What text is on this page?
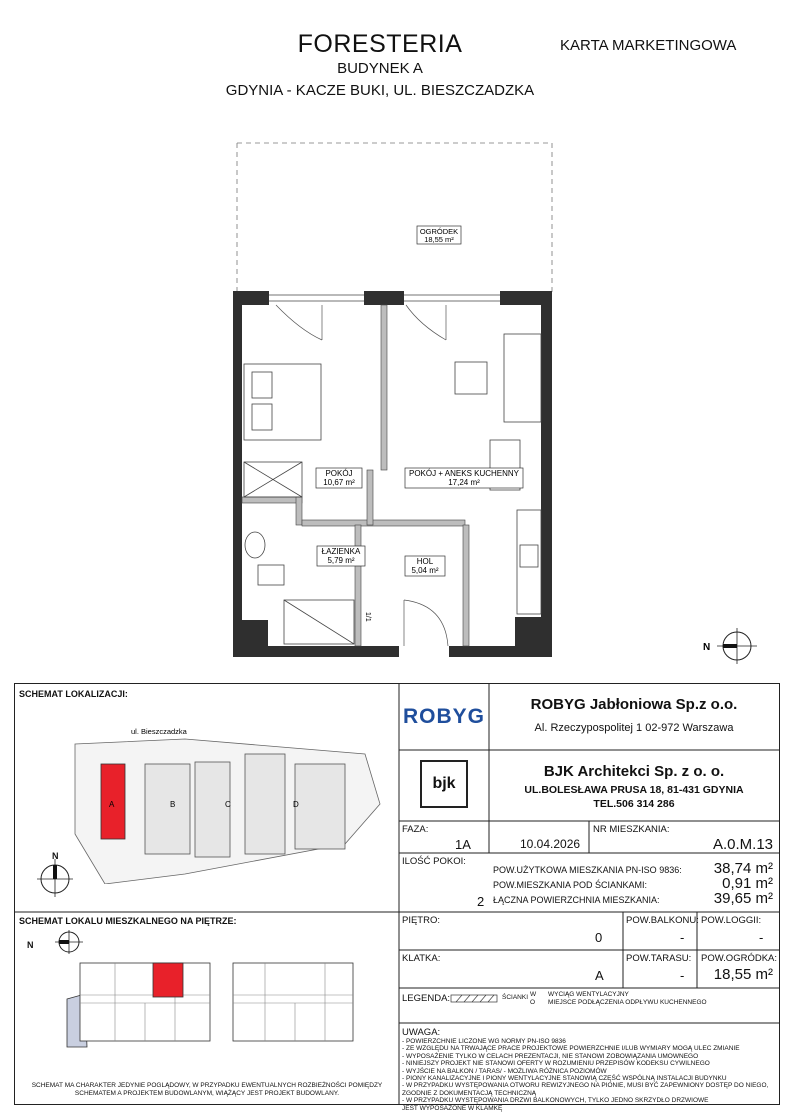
FORESTERIA
BUDYNEK A
GDYNIA - KACZE BUKI, UL. BIESZCZADZKA
KARTA MARKETINGOWA
OGRÓDEK
18,55 m²
POKÓJ
10,67 m²
POKÓJ + ANEKS KUCHENNY
17,24 m²
ŁAZIENKA
5,79 m²	HOL
5,04 m²
1/1
N
SCHEMAT LOKALIZACJI:
ul. Bieszczadzka
A	B	C	D
N
SCHEMAT LOKALU MIESZKALNEGO NA PIĘTRZE:
N
SCHEMAT MA CHARAKTER JEDYNIE POGLĄDOWY, W PRZYPADKU EWENTUALNYCH ROZBIEŻNOŚCI POMIĘDZY
SCHEMATEM A PROJEKTEM BUDOWLANYM, WIĄŻĄCY JEST PROJEKT BUDOWLANY.
ROBYG
ROBYG Jabłoniowa Sp.z o.o.
Al. Rzeczypospolitej 1 02-972 Warszawa
bjk
BJK Architekci Sp. z o. o.
UL.BOLESŁAWA PRUSA 18, 81-431 GDYNIA
TEL.506 314 286
FAZA:
1A	10.04.2026
NR MIESZKANIA:
A.0.M.13
ILOŚĆ POKOI:
2
POW.UŻYTKOWA MIESZKANIA PN-ISO 9836:	38,74 m²
POW.MIESZKANIA POD ŚCIANKAMI:	0,91 m²
ŁĄCZNA POWIERZCHNIA MIESZKANIA:	39,65 m²
PIĘTRO:
0
POW.BALKONU:
-
POW.LOGGII:
-
KLATKA:
A
POW.TARASU:
-
POW.OGRÓDKA:
18,55 m²
LEGENDA:	ŚCIANKI W
O
WYCIĄG WENTYLACYJNY
MIEJSCE PODŁĄCZENIA ODPŁYWU KUCHENNEGO
UWAGA:
- POWIERZCHNIE LICZONE WG NORMY PN-ISO 9836
- ZE WZGLĘDU NA TRWAJĄCE PRACE PROJEKTOWE POWIERZCHNIE I/LUB WYMIARY MOGĄ ULEC ZMIANIE
- WYPOSAŻENIE TYLKO W CELACH PREZENTACJI, NIE STANOWI ZOBOWIĄZANIA UMOWNEGO
- NINIEJSZY PROJEKT NIE STANOWI OFERTY W ROZUMIENIU PRZEPISÓW KODEKSU CYWILNEGO
- WYJŚCIE NA BALKON / TARAS/ - MOŻLIWA RÓŻNICA POZIOMÓW
- PIONY KANALIZACYJNE I PIONY WENTYLACYJNE STANOWIĄ CZĘŚĆ WSPÓLNĄ INSTALACJI BUDYNKU
- W PRZYPADKU WYSTĘPOWANIA OTWORU REWIZYJNEGO NA PIONIE, MUSI BYĆ ZAPEWNIONY DOSTĘP DO NIEGO,
ZGODNIE Z DOKUMENTACJĄ TECHNICZNĄ
- W PRZYPADKU WYSTĘPOWANIA DRZWI BALKONOWYCH, TYLKO JEDNO SKRZYDŁO DRZWIOWE
JEST WYPOSAŻONE W KLAMKĘ
